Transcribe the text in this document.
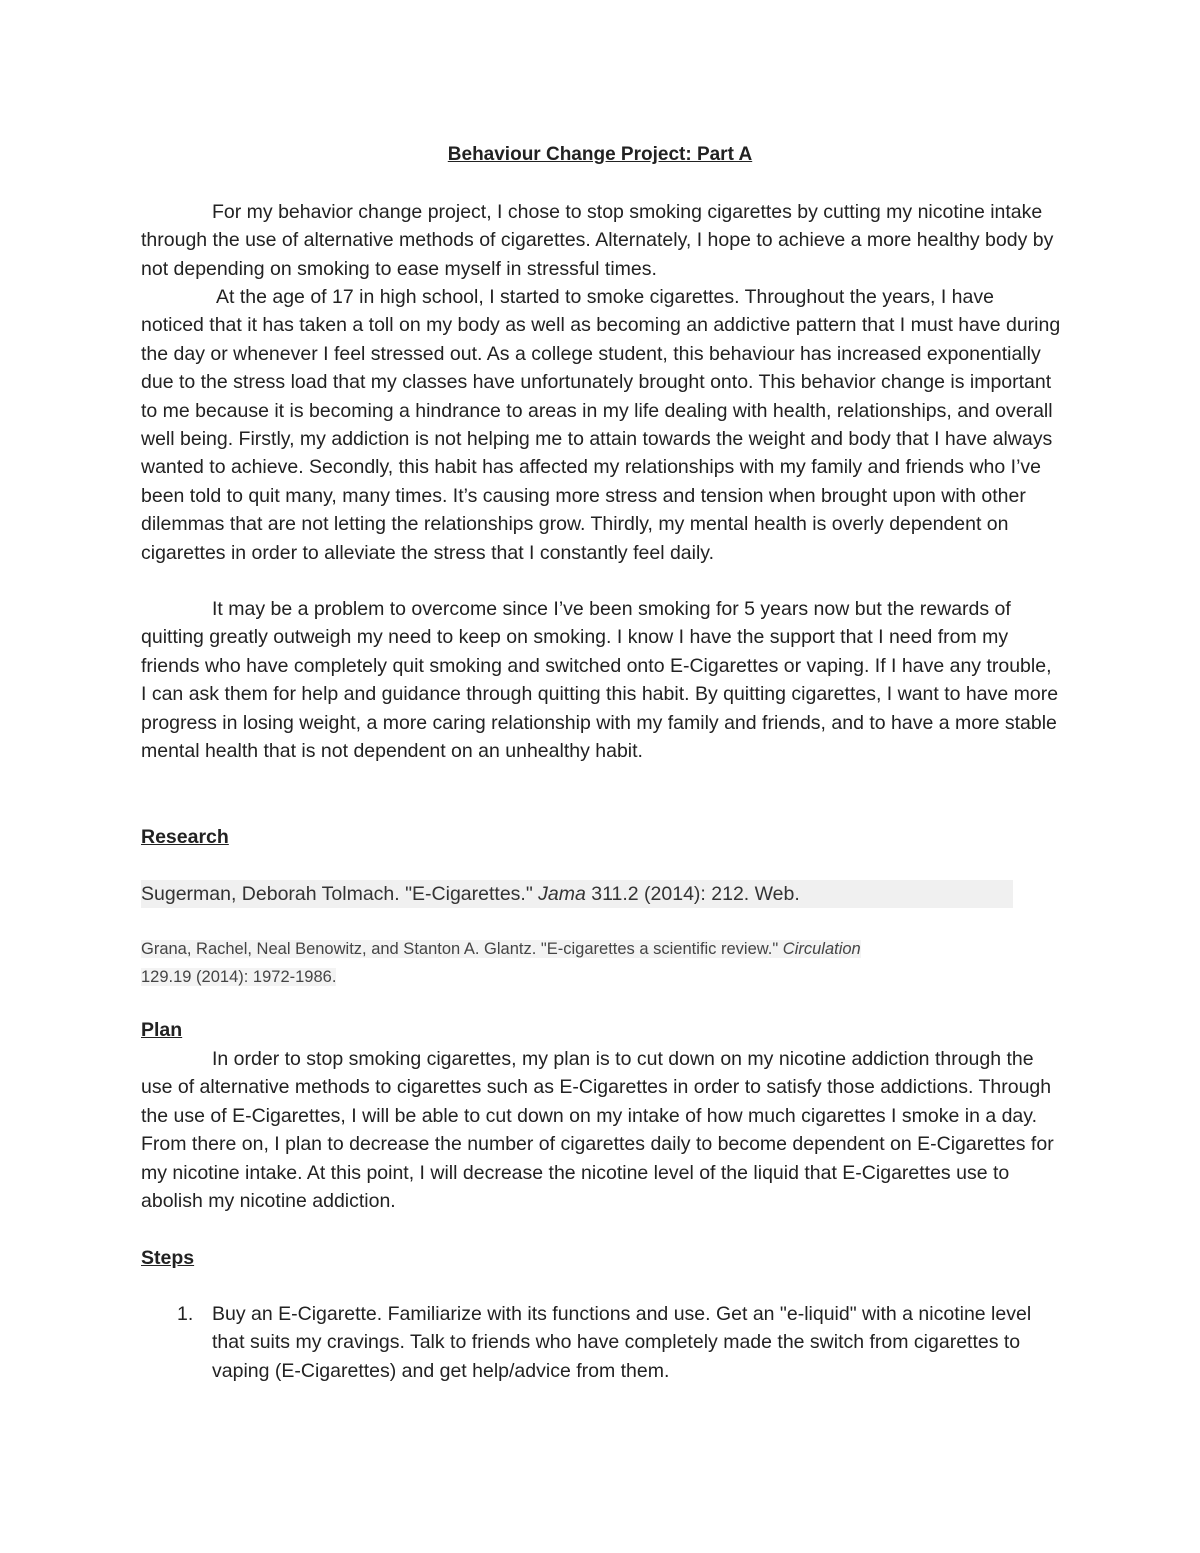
Behaviour Change Project: Part A

For my behavior change project, I chose to stop smoking cigarettes by cutting my nicotine intake through the use of alternative methods of cigarettes. Alternately, I hope to achieve a more healthy body by not depending on smoking to ease myself in stressful times.

At the age of 17 in high school, I started to smoke cigarettes. Throughout the years, I have noticed that it has taken a toll on my body as well as becoming an addictive pattern that I must have during the day or whenever I feel stressed out. As a college student, this behaviour has increased exponentially due to the stress load that my classes have unfortunately brought onto. This behavior change is important to me because it is becoming a hindrance to areas in my life dealing with health, relationships, and overall well being. Firstly, my addiction is not helping me to attain towards the weight and body that I have always wanted to achieve. Secondly, this habit has affected my relationships with my family and friends who I’ve been told to quit many, many times. It’s causing more stress and tension when brought upon with other dilemmas that are not letting the relationships grow. Thirdly, my mental health is overly dependent on cigarettes in order to alleviate the stress that I constantly feel daily.

It may be a problem to overcome since I’ve been smoking for 5 years now but the rewards of quitting greatly outweigh my need to keep on smoking. I know I have the support that I need from my friends who have completely quit smoking and switched onto E-Cigarettes or vaping. If I have any trouble, I can ask them for help and guidance through quitting this habit. By quitting cigarettes, I want to have more progress in losing weight, a more caring relationship with my family and friends, and to have a more stable mental health that is not dependent on an unhealthy habit.

Research
Sugerman, Deborah Tolmach. "E-Cigarettes." Jama 311.2 (2014): 212. Web.
Grana, Rachel, Neal Benowitz, and Stanton A. Glantz. "E-cigarettes a scientific review." Circulation
129.19 (2014): 1972-1986.
Plan

In order to stop smoking cigarettes, my plan is to cut down on my nicotine addiction through the use of alternative methods to cigarettes such as E-Cigarettes in order to satisfy those addictions. Through the use of E-Cigarettes, I will be able to cut down on my intake of how much cigarettes I smoke in a day. From there on, I plan to decrease the number of cigarettes daily to become dependent on E-Cigarettes for my nicotine intake. At this point, I will decrease the nicotine level of the liquid that E-Cigarettes use to abolish my nicotine addiction.

Steps
1. Buy an E-Cigarette. Familiarize with its functions and use. Get an "e-liquid" with a nicotine level that suits my cravings. Talk to friends who have completely made the switch from cigarettes to vaping (E-Cigarettes) and get help/advice from them.
